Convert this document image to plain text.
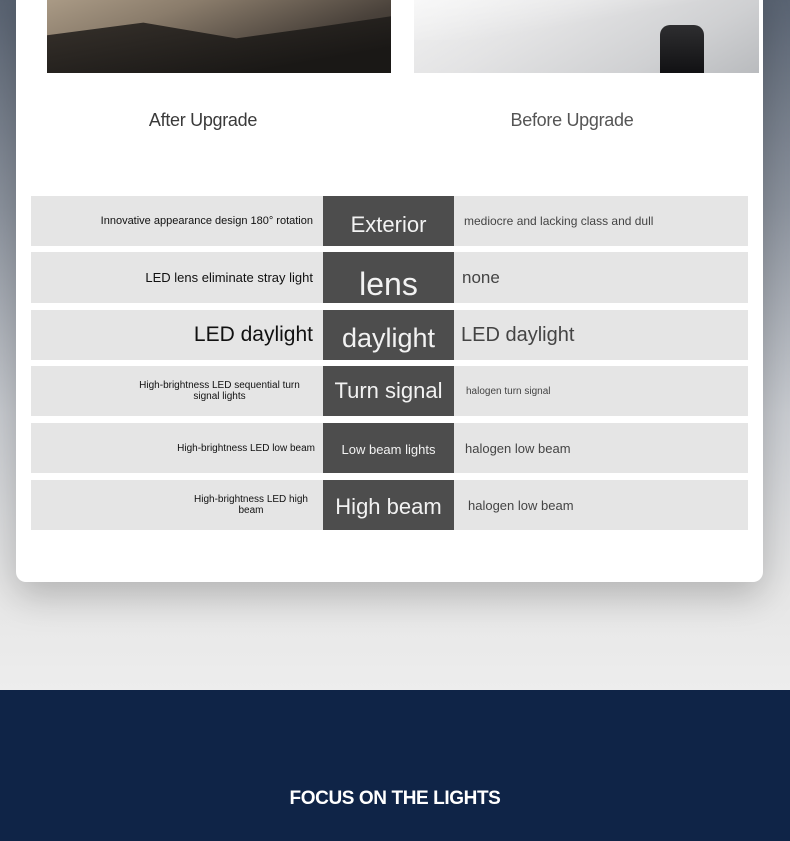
After Upgrade	Before Upgrade
Innovative appearance design 180° rotation	Exterior	mediocre and lacking class and dull
LED lens eliminate stray light	lens	none
LED daylight	daylight	LED daylight
High-brightness LED sequential turn signal lights	Turn signal	halogen turn signal
High-brightness LED low beam	Low beam lights	halogen low beam
High-brightness LED high beam	High beam	halogen low beam
FOCUS ON THE LIGHTS
